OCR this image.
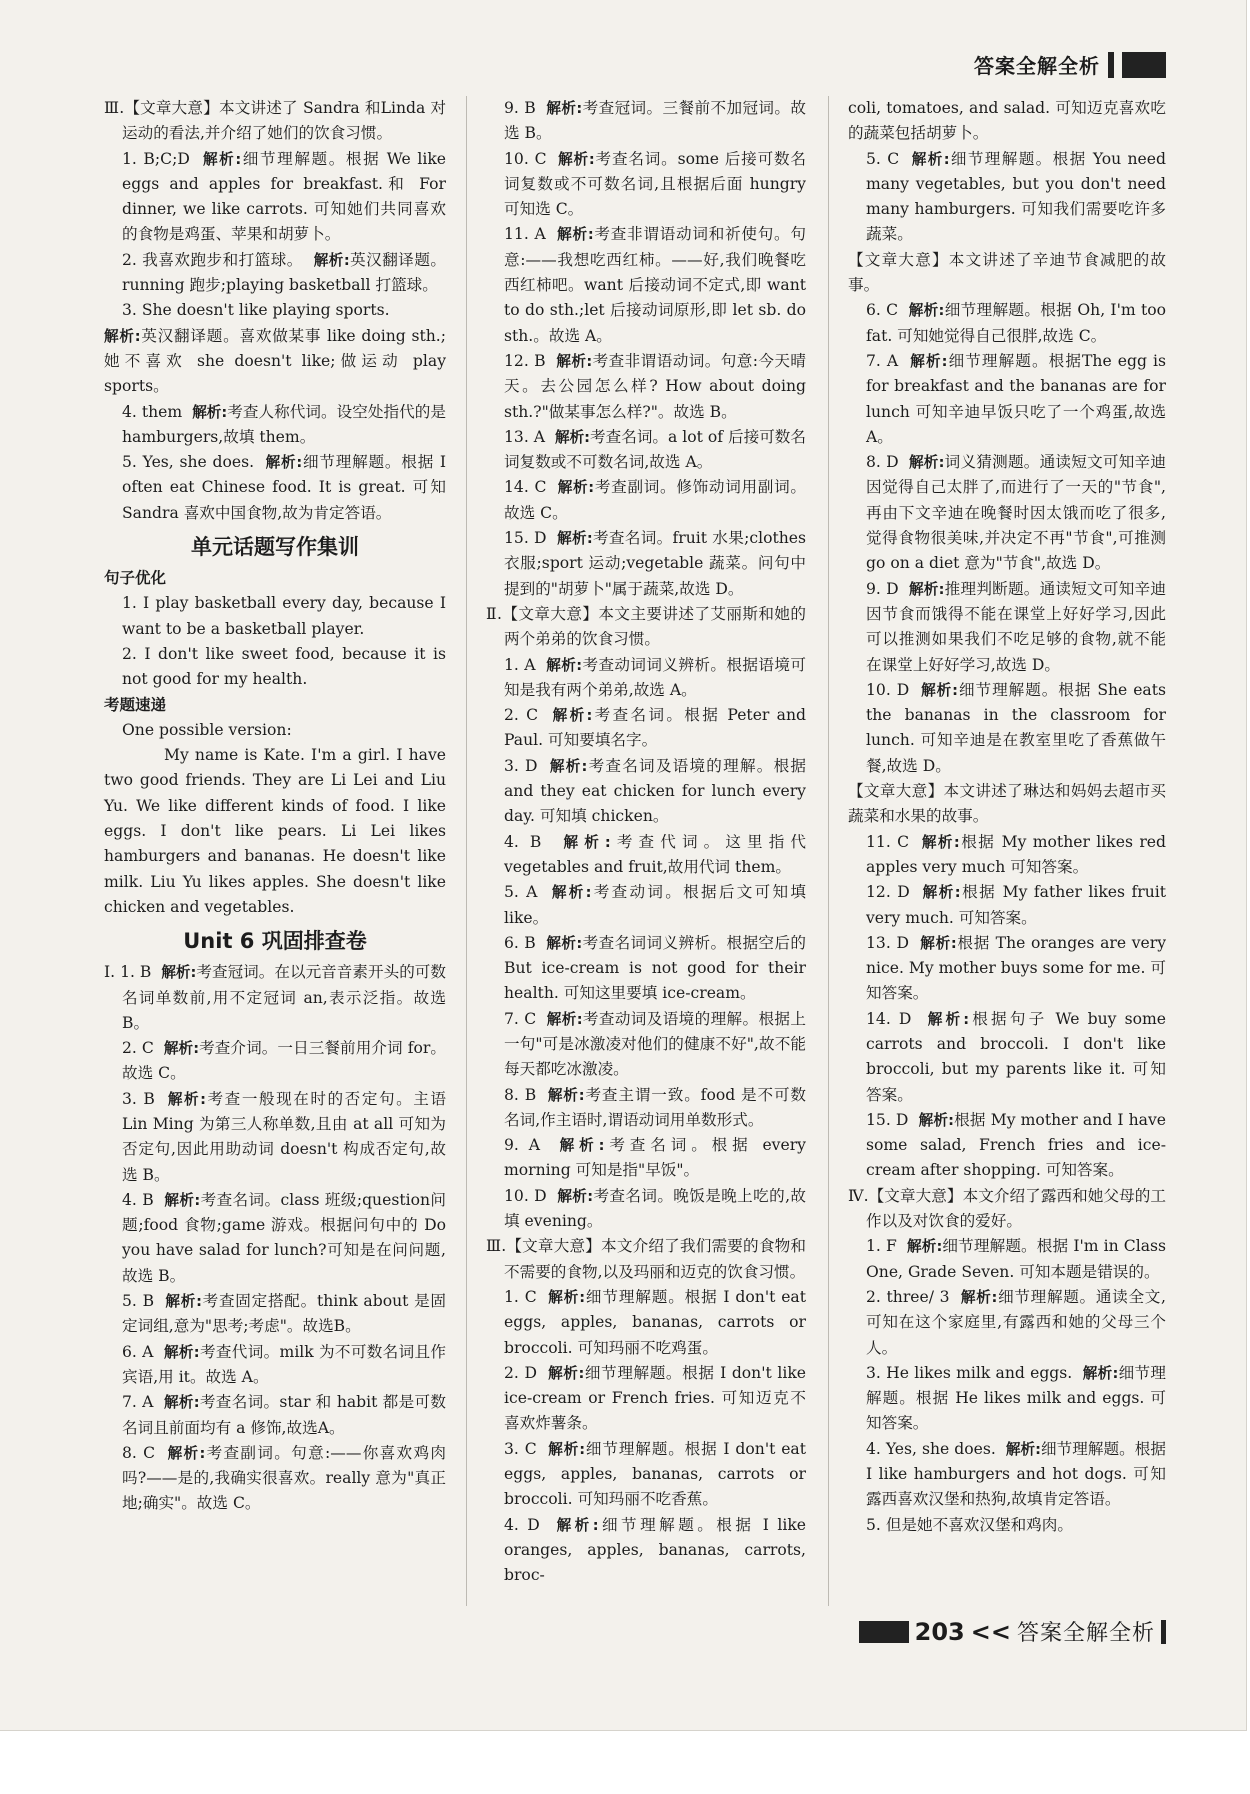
答案全解全析

Ⅲ.【文章大意】本文讲述了 Sandra 和Linda 对运动的看法,并介绍了她们的饮食习惯。

1. B;C;D 解析:细节理解题。根据 We like eggs and apples for breakfast.和 For dinner, we like carrots. 可知她们共同喜欢的食物是鸡蛋、苹果和胡萝卜。

2. 我喜欢跑步和打篮球。 解析:英汉翻译题。running 跑步;playing basketball 打篮球。

3. She doesn't like playing sports.

解析:英汉翻译题。喜欢做某事 like doing sth.;她不喜欢 she doesn't like;做运动 play sports。

4. them 解析:考查人称代词。设空处指代的是 hamburgers,故填 them。

5. Yes, she does. 解析:细节理解题。根据 I often eat Chinese food. It is great. 可知 Sandra 喜欢中国食物,故为肯定答语。

单元话题写作集训

句子优化

1. I play basketball every day, because I want to be a basketball player.

2. I don't like sweet food, because it is not good for my health.

考题速递

One possible version:

My name is Kate. I'm a girl. I have two good friends. They are Li Lei and Liu Yu. We like different kinds of food. I like eggs. I don't like pears. Li Lei likes hamburgers and bananas. He doesn't like milk. Liu Yu likes apples. She doesn't like chicken and vegetables.

Unit 6 巩固排查卷

Ⅰ. 1. B 解析:考查冠词。在以元音音素开头的可数名词单数前,用不定冠词 an,表示泛指。故选 B。

2. C 解析:考查介词。一日三餐前用介词 for。故选 C。

3. B 解析:考查一般现在时的否定句。主语 Lin Ming 为第三人称单数,且由 at all 可知为否定句,因此用助动词 doesn't 构成否定句,故选 B。

4. B 解析:考查名词。class 班级;question问题;food 食物;game 游戏。根据问句中的 Do you have salad for lunch?可知是在问问题,故选 B。

5. B 解析:考查固定搭配。think about 是固定词组,意为"思考;考虑"。故选B。

6. A 解析:考查代词。milk 为不可数名词且作宾语,用 it。故选 A。

7. A 解析:考查名词。star 和 habit 都是可数名词且前面均有 a 修饰,故选A。

8. C 解析:考查副词。句意:——你喜欢鸡肉吗?——是的,我确实很喜欢。really 意为"真正地;确实"。故选 C。

9. B 解析:考查冠词。三餐前不加冠词。故选 B。

10. C 解析:考查名词。some 后接可数名词复数或不可数名词,且根据后面 hungry 可知选 C。

11. A 解析:考查非谓语动词和祈使句。句意:——我想吃西红柿。——好,我们晚餐吃西红柿吧。want 后接动词不定式,即 want to do sth.;let 后接动词原形,即 let sb. do sth.。故选 A。

12. B 解析:考查非谓语动词。句意:今天晴天。去公园怎么样? How about doing sth.?"做某事怎么样?"。故选 B。

13. A 解析:考查名词。a lot of 后接可数名词复数或不可数名词,故选 A。

14. C 解析:考查副词。修饰动词用副词。故选 C。

15. D 解析:考查名词。fruit 水果;clothes 衣服;sport 运动;vegetable 蔬菜。问句中提到的"胡萝卜"属于蔬菜,故选 D。

Ⅱ.【文章大意】本文主要讲述了艾丽斯和她的两个弟弟的饮食习惯。

1. A 解析:考查动词词义辨析。根据语境可知是我有两个弟弟,故选 A。

2. C 解析:考查名词。根据 Peter and Paul. 可知要填名字。

3. D 解析:考查名词及语境的理解。根据 and they eat chicken for lunch every day. 可知填 chicken。

4. B 解析:考查代词。这里指代 vegetables and fruit,故用代词 them。

5. A 解析:考查动词。根据后文可知填 like。

6. B 解析:考查名词词义辨析。根据空后的 But ice-cream is not good for their health. 可知这里要填 ice-cream。

7. C 解析:考查动词及语境的理解。根据上一句"可是冰激凌对他们的健康不好",故不能每天都吃冰激凌。

8. B 解析:考查主谓一致。food 是不可数名词,作主语时,谓语动词用单数形式。

9. A 解析:考查名词。根据 every morning 可知是指"早饭"。

10. D 解析:考查名词。晚饭是晚上吃的,故填 evening。

Ⅲ.【文章大意】本文介绍了我们需要的食物和不需要的食物,以及玛丽和迈克的饮食习惯。

1. C 解析:细节理解题。根据 I don't eat eggs, apples, bananas, carrots or broccoli. 可知玛丽不吃鸡蛋。

2. D 解析:细节理解题。根据 I don't like ice-cream or French fries. 可知迈克不喜欢炸薯条。

3. C 解析:细节理解题。根据 I don't eat eggs, apples, bananas, carrots or broccoli. 可知玛丽不吃香蕉。

4. D 解析:细节理解题。根据 I like oranges, apples, bananas, carrots, broc-

coli, tomatoes, and salad. 可知迈克喜欢吃的蔬菜包括胡萝卜。

5. C 解析:细节理解题。根据 You need many vegetables, but you don't need many hamburgers. 可知我们需要吃许多蔬菜。

【文章大意】本文讲述了辛迪节食减肥的故事。

6. C 解析:细节理解题。根据 Oh, I'm too fat. 可知她觉得自己很胖,故选 C。

7. A 解析:细节理解题。根据The egg is for breakfast and the bananas are for lunch 可知辛迪早饭只吃了一个鸡蛋,故选 A。

8. D 解析:词义猜测题。通读短文可知辛迪因觉得自己太胖了,而进行了一天的"节食",再由下文辛迪在晚餐时因太饿而吃了很多,觉得食物很美味,并决定不再"节食",可推测 go on a diet 意为"节食",故选 D。

9. D 解析:推理判断题。通读短文可知辛迪因节食而饿得不能在课堂上好好学习,因此可以推测如果我们不吃足够的食物,就不能在课堂上好好学习,故选 D。

10. D 解析:细节理解题。根据 She eats the bananas in the classroom for lunch. 可知辛迪是在教室里吃了香蕉做午餐,故选 D。

【文章大意】本文讲述了琳达和妈妈去超市买蔬菜和水果的故事。

11. C 解析:根据 My mother likes red apples very much 可知答案。

12. D 解析:根据 My father likes fruit very much. 可知答案。

13. D 解析:根据 The oranges are very nice. My mother buys some for me. 可知答案。

14. D 解析:根据句子 We buy some carrots and broccoli. I don't like broccoli, but my parents like it. 可知答案。

15. D 解析:根据 My mother and I have some salad, French fries and ice-cream after shopping. 可知答案。

Ⅳ.【文章大意】本文介绍了露西和她父母的工作以及对饮食的爱好。

1. F 解析:细节理解题。根据 I'm in Class One, Grade Seven. 可知本题是错误的。

2. three/ 3 解析:细节理解题。通读全文,可知在这个家庭里,有露西和她的父母三个人。

3. He likes milk and eggs. 解析:细节理解题。根据 He likes milk and eggs. 可知答案。

4. Yes, she does. 解析:细节理解题。根据 I like hamburgers and hot dogs. 可知露西喜欢汉堡和热狗,故填肯定答语。

5. 但是她不喜欢汉堡和鸡肉。

203 << 答案全解全析
